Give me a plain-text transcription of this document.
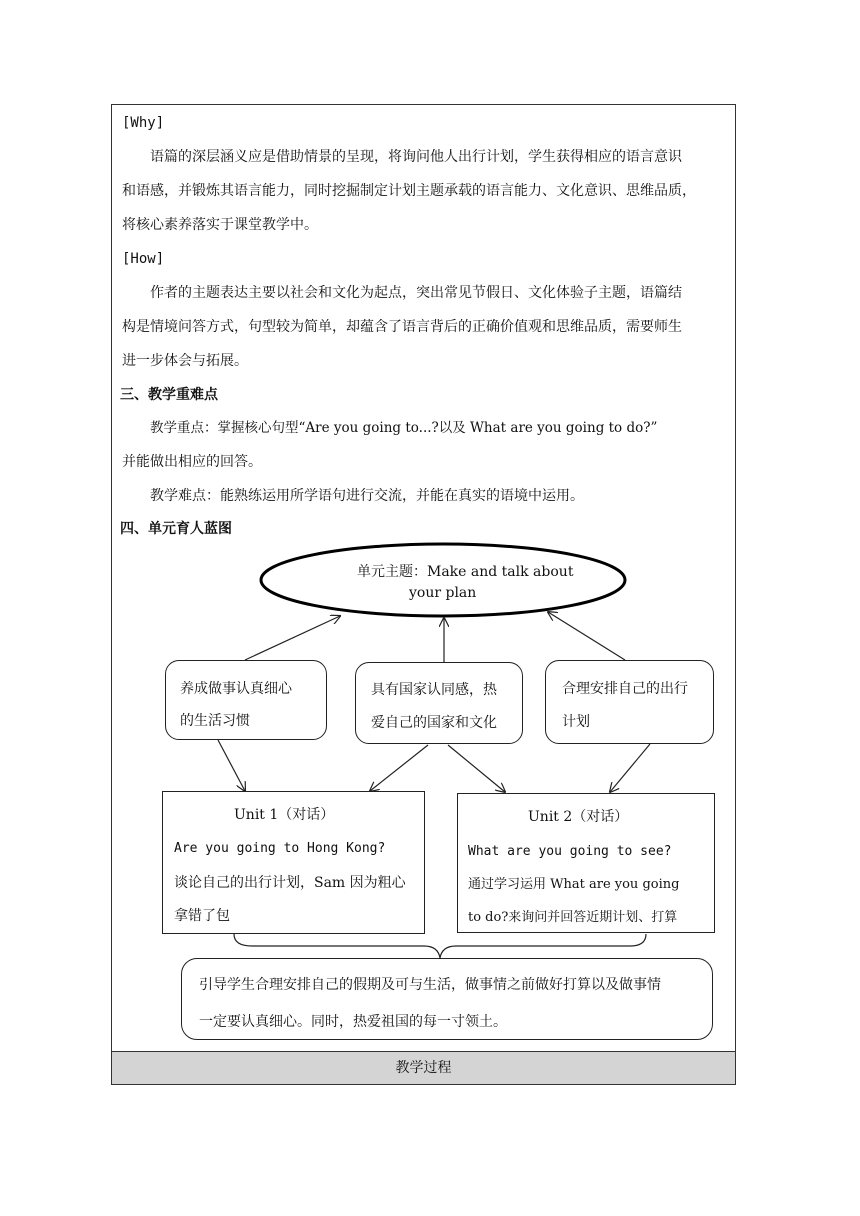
[Why]
语篇的深层涵义应是借助情景的呈现，将询问他人出行计划，学生获得相应的语言意识
和语感，并锻炼其语言能力，同时挖掘制定计划主题承载的语言能力、文化意识、思维品质，
将核心素养落实于课堂教学中。
[How]
作者的主题表达主要以社会和文化为起点，突出常见节假日、文化体验子主题，语篇结
构是情境问答方式，句型较为简单，却蕴含了语言背后的正确价值观和思维品质，需要师生
进一步体会与拓展。
三、教学重难点
教学重点：掌握核心句型“Are you going to...?以及 What are you going to do?”
并能做出相应的回答。
教学难点：能熟练运用所学语句进行交流，并能在真实的语境中运用。
四、单元育人蓝图
单元主题：Make and talk about
your plan
养成做事认真细心
的生活习惯
具有国家认同感，热
爱自己的国家和文化
合理安排自己的出行
计划
Unit 1（对话）
Are you going to Hong Kong?
谈论自己的出行计划，Sam 因为粗心
拿错了包
Unit 2（对话）
What are you going to see?
通过学习运用 What are you going
to do?来询问并回答近期计划、打算
引导学生合理安排自己的假期及可与生活，做事情之前做好打算以及做事情
一定要认真细心。同时，热爱祖国的每一寸领土。
教学过程
